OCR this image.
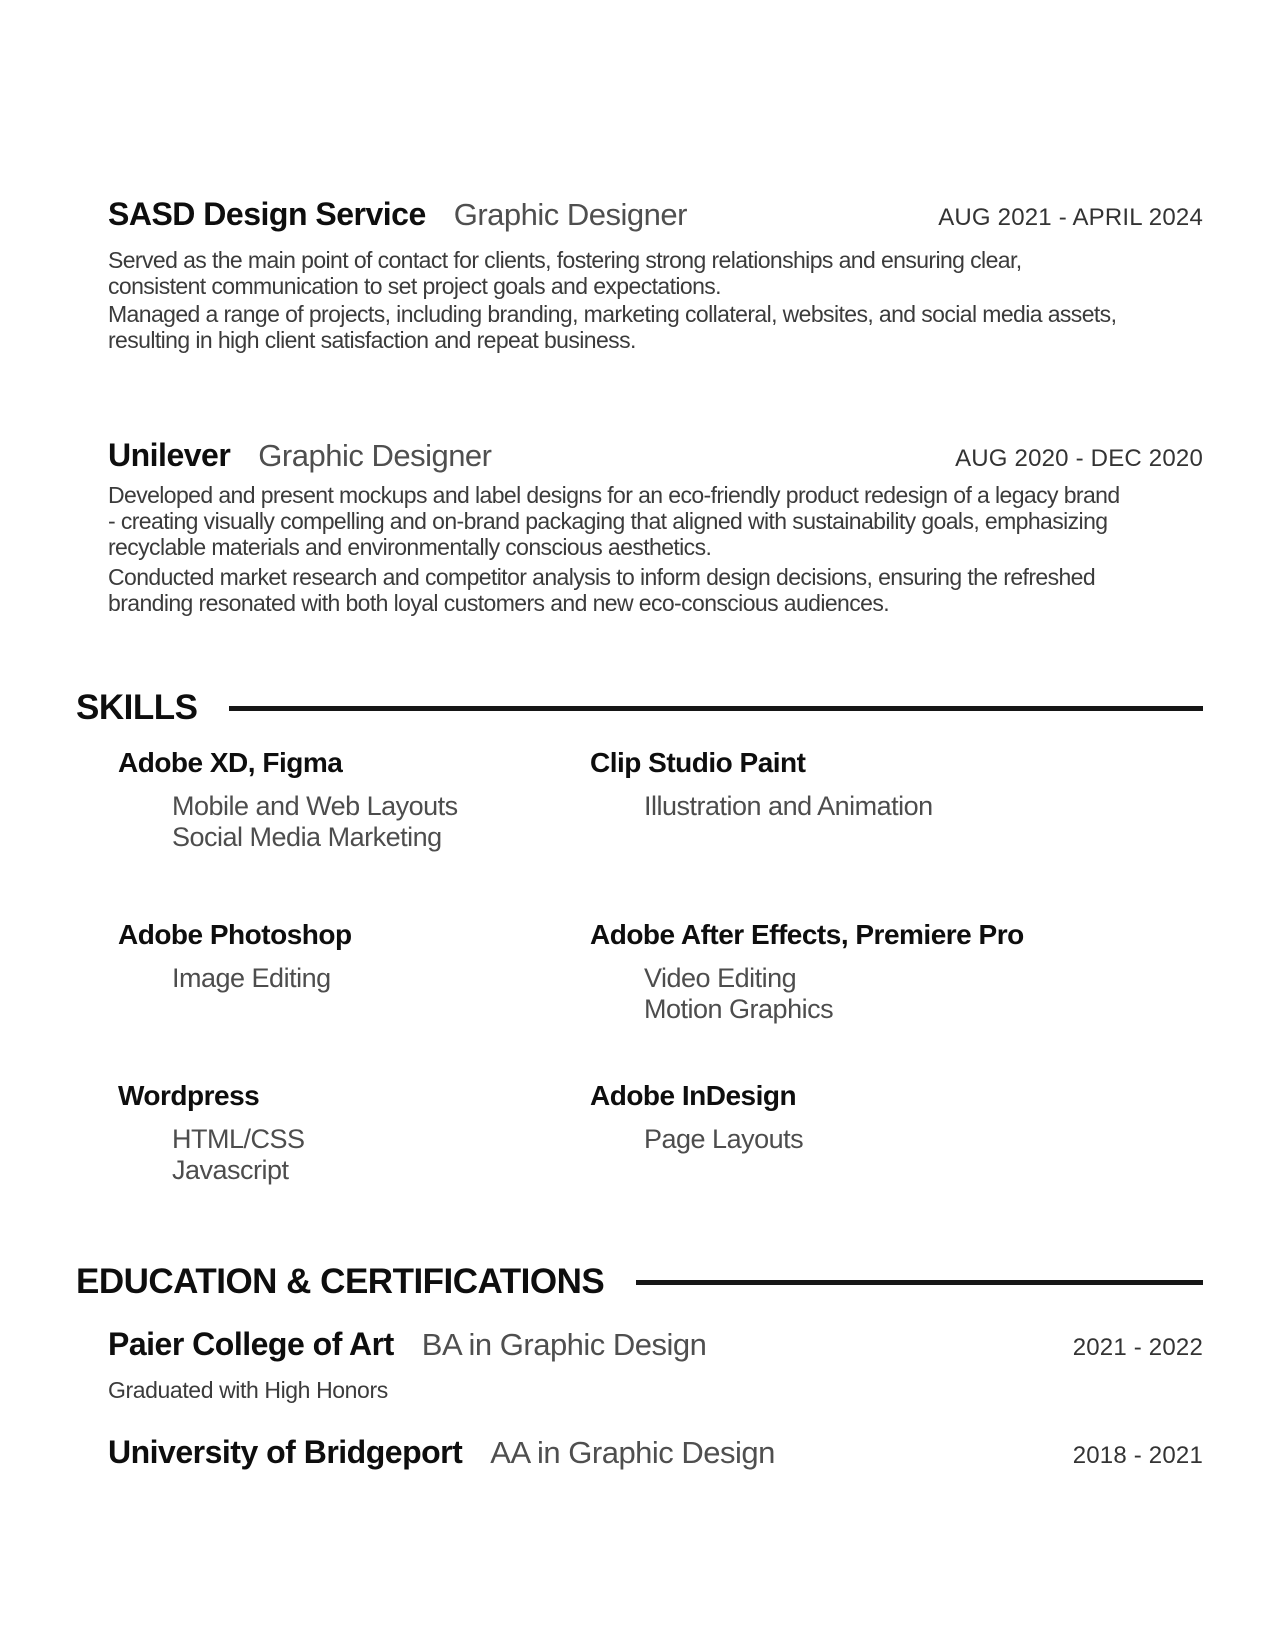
SASD Design Service Graphic Designer	AUG 2021 - APRIL 2024
Served as the main point of contact for clients, fostering strong relationships and ensuring clear,
consistent communication to set project goals and expectations.
Managed a range of projects, including branding, marketing collateral, websites, and social media assets,
resulting in high client satisfaction and repeat business.
Unilever Graphic Designer	AUG 2020 - DEC 2020
Developed and present mockups and label designs for an eco-friendly product redesign of a legacy brand
- creating visually compelling and on-brand packaging that aligned with sustainability goals, emphasizing
recyclable materials and environmentally conscious aesthetics.
Conducted market research and competitor analysis to inform design decisions, ensuring the refreshed
branding resonated with both loyal customers and new eco-conscious audiences.
SKILLS
Adobe XD, Figma
Mobile and Web Layouts
Social Media Marketing
Clip Studio Paint
Illustration and Animation
Adobe Photoshop
Image Editing
Adobe After Effects, Premiere Pro
Video Editing
Motion Graphics
Wordpress
HTML/CSS
Javascript
Adobe InDesign
Page Layouts
EDUCATION & CERTIFICATIONS
Paier College of Art BA in Graphic Design	2021 - 2022
Graduated with High Honors
University of Bridgeport AA in Graphic Design	2018 - 2021
